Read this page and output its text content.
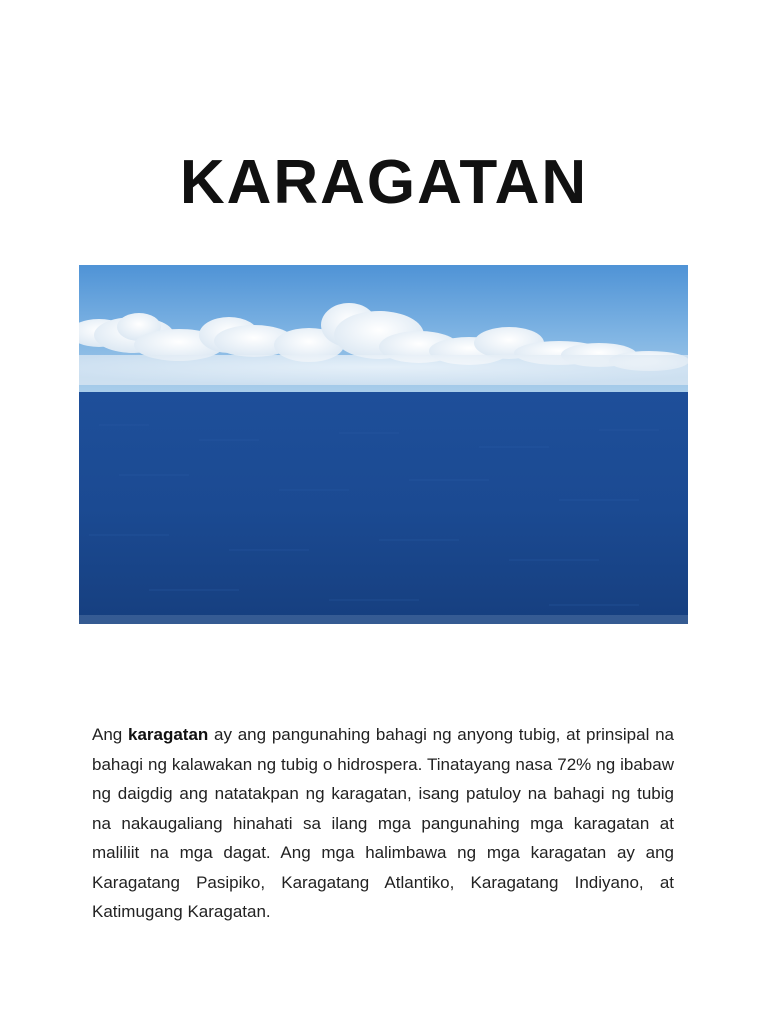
KARAGATAN
Ang karagatan ay ang pangunahing bahagi ng anyong tubig, at prinsipal na bahagi ng kalawakan ng tubig o hidrospera. Tinatayang nasa 72% ng ibabaw ng daigdig ang natatakpan ng karagatan, isang patuloy na bahagi ng tubig na nakaugaliang hinahati sa ilang mga pangunahing mga karagatan at maliliit na mga dagat. Ang mga halimbawa ng mga karagatan ay ang Karagatang Pasipiko, Karagatang Atlantiko, Karagatang Indiyano, at Katimugang Karagatan.
